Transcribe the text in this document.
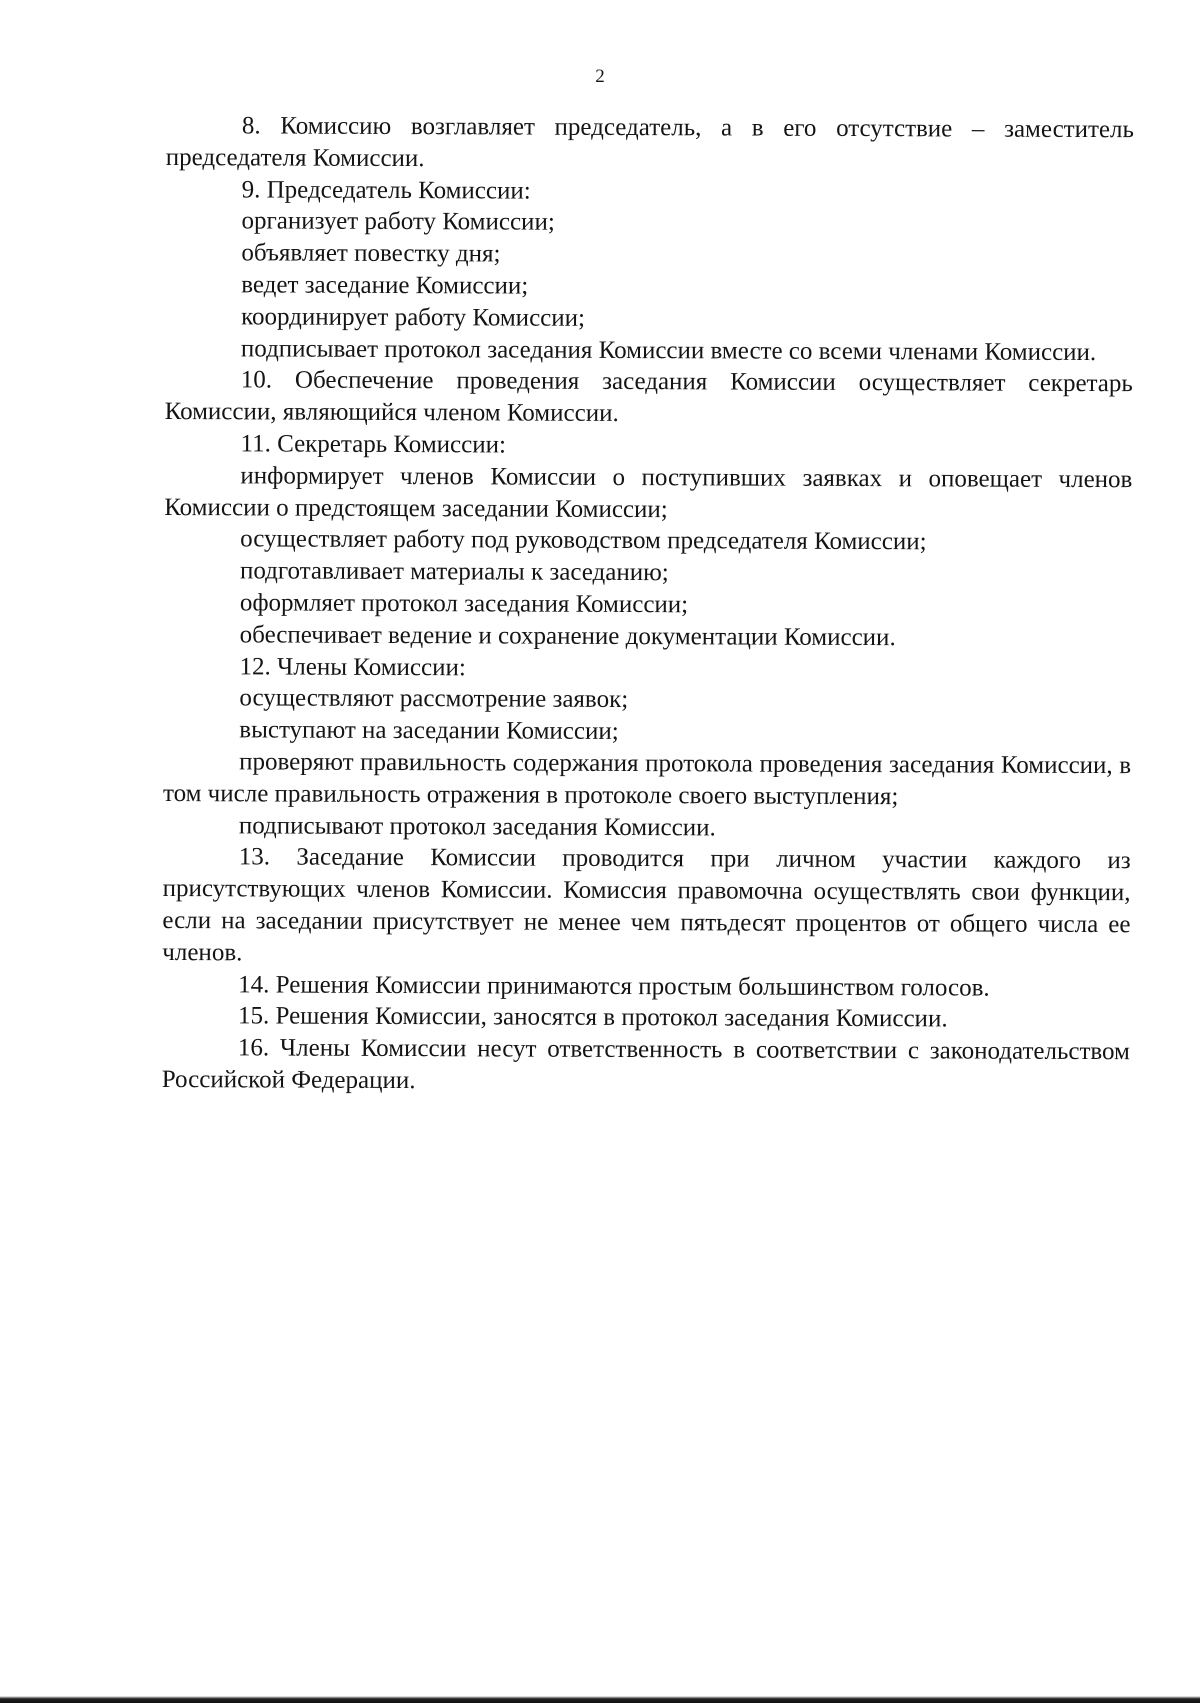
2

8. Комиссию возглавляет председатель, а в его отсутствие – заместитель председателя Комиссии.

9. Председатель Комиссии:

организует работу Комиссии;

объявляет повестку дня;

ведет заседание Комиссии;

координирует работу Комиссии;

подписывает протокол заседания Комиссии вместе со всеми членами Комиссии.

10. Обеспечение проведения заседания Комиссии осуществляет секретарь Комиссии, являющийся членом Комиссии.

11. Секретарь Комиссии:

информирует членов Комиссии о поступивших заявках и оповещает членов Комиссии о предстоящем заседании Комиссии;

осуществляет работу под руководством председателя Комиссии;

подготавливает материалы к заседанию;

оформляет протокол заседания Комиссии;

обеспечивает ведение и сохранение документации Комиссии.

12. Члены Комиссии:

осуществляют рассмотрение заявок;

выступают на заседании Комиссии;

проверяют правильность содержания протокола проведения заседания Комиссии, в том числе правильность отражения в протоколе своего выступления;

подписывают протокол заседания Комиссии.

13. Заседание Комиссии проводится при личном участии каждого из присутствующих членов Комиссии. Комиссия правомочна осуществлять свои функции, если на заседании присутствует не менее чем пятьдесят процентов от общего числа ее членов.

14. Решения Комиссии принимаются простым большинством голосов.

15. Решения Комиссии, заносятся в протокол заседания Комиссии.

16. Члены Комиссии несут ответственность в соответствии с законодательством Российской Федерации.
